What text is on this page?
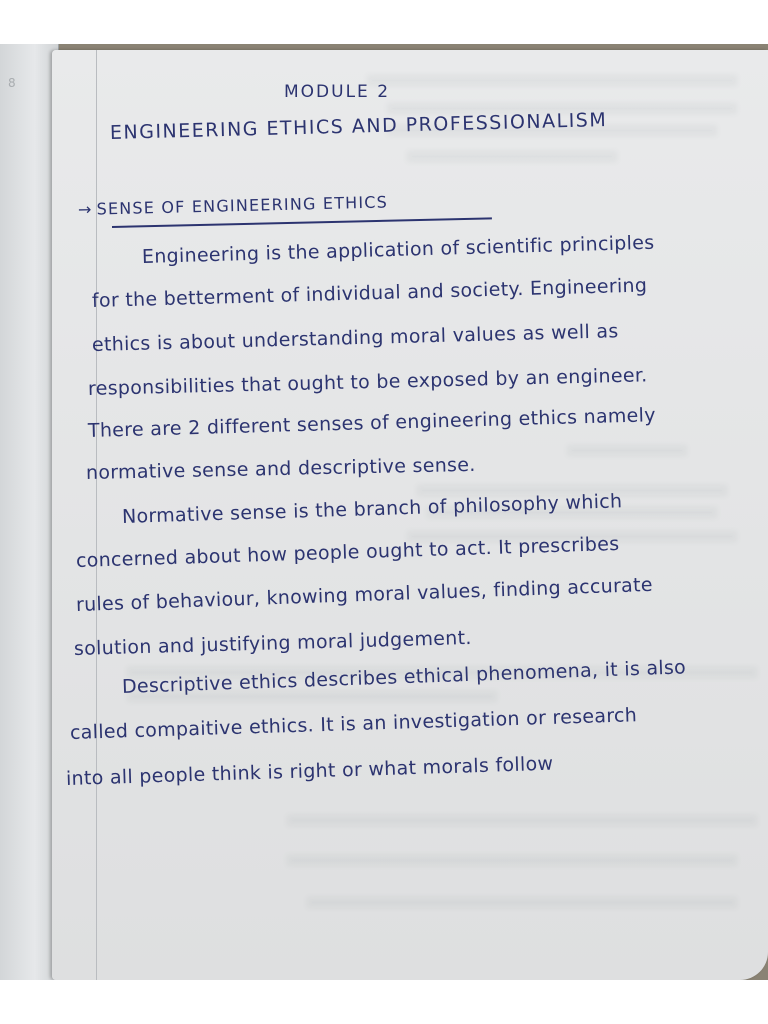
8	MODULE 2
ENGINEERING ETHICS AND PROFESSIONALISM
→ SENSE OF ENGINEERING ETHICS
Engineering is the application of scientific principles
for the betterment of individual and society. Engineering
ethics is about understanding moral values as well as
responsibilities that ought to be exposed by an engineer.
There are 2 different senses of engineering ethics namely
normative sense and descriptive sense.
Normative sense is the branch of philosophy which
concerned about how people ought to act. It prescribes
rules of behaviour, knowing moral values, finding accurate
solution and justifying moral judgement.
Descriptive ethics describes ethical phenomena, it is also
called compaitive ethics. It is an investigation or research
into all people think is right or what morals follow
